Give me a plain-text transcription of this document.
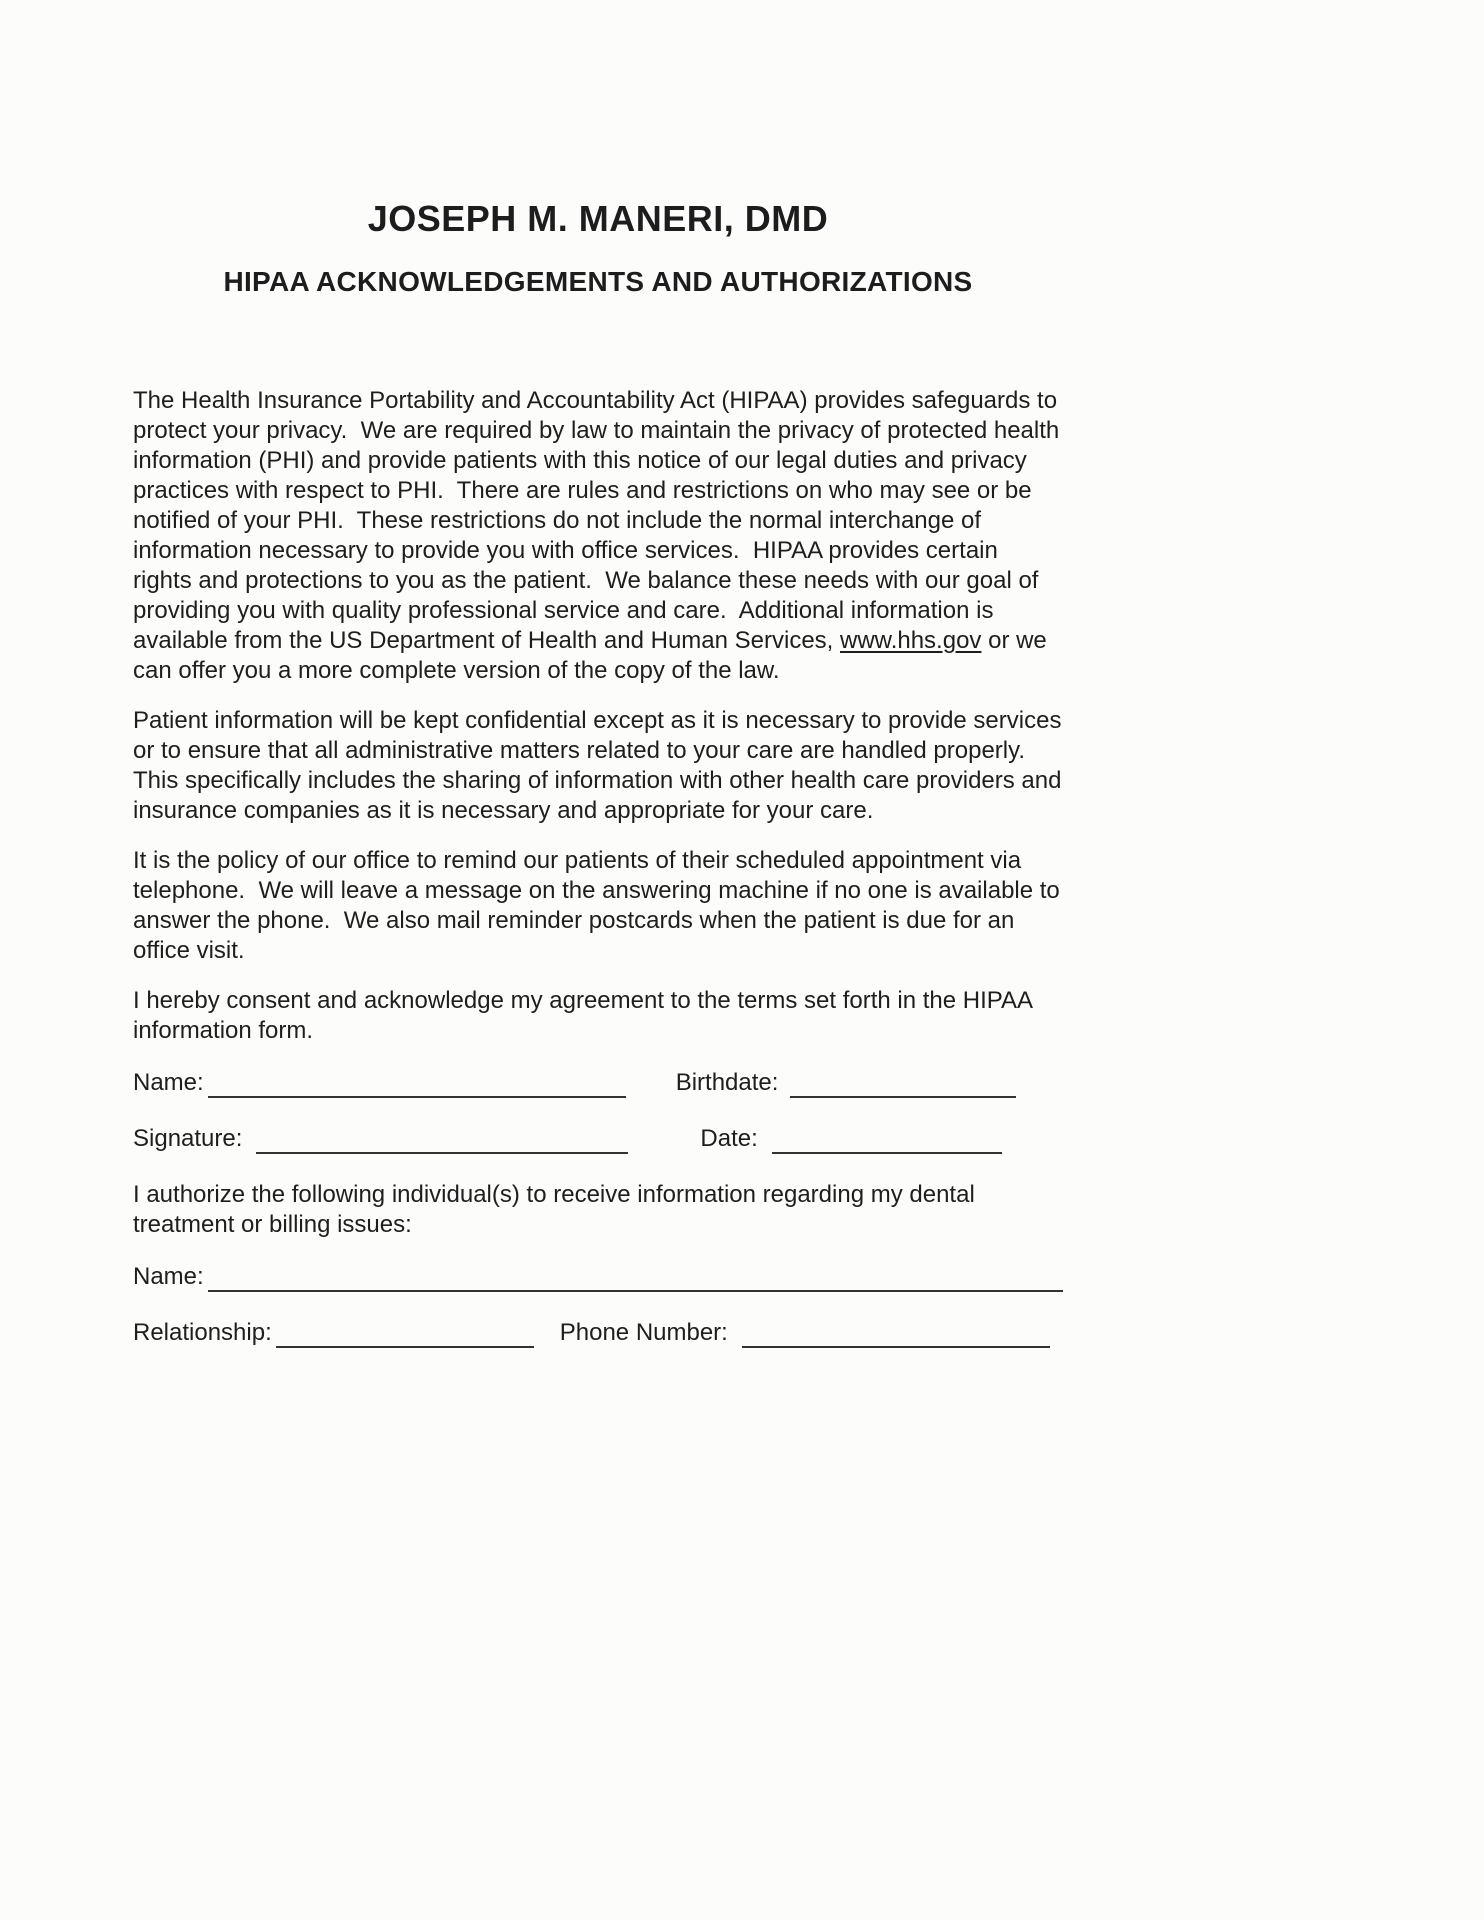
JOSEPH M. MANERI, DMD
HIPAA ACKNOWLEDGEMENTS AND AUTHORIZATIONS

The Health Insurance Portability and Accountability Act (HIPAA) provides safeguards to protect your privacy.  We are required by law to maintain the privacy of protected health information (PHI) and provide patients with this notice of our legal duties and privacy practices with respect to PHI.  There are rules and restrictions on who may see or be notified of your PHI.  These restrictions do not include the normal interchange of information necessary to provide you with office services.  HIPAA provides certain rights and protections to you as the patient.  We balance these needs with our goal of providing you with quality professional service and care.  Additional information is available from the US Department of Health and Human Services, www.hhs.gov or we can offer you a more complete version of the copy of the law.

Patient information will be kept confidential except as it is necessary to provide services or to ensure that all administrative matters related to your care are handled properly.  This specifically includes the sharing of information with other health care providers and insurance companies as it is necessary and appropriate for your care.

It is the policy of our office to remind our patients of their scheduled appointment via telephone.  We will leave a message on the answering machine if no one is available to answer the phone.  We also mail reminder postcards when the patient is due for an office visit.

I hereby consent and acknowledge my agreement to the terms set forth in the HIPAA information form.

Name:	Birthdate:
Signature:	Date:

I authorize the following individual(s) to receive information regarding my dental treatment or billing issues:

Name:
Relationship:	Phone Number:
